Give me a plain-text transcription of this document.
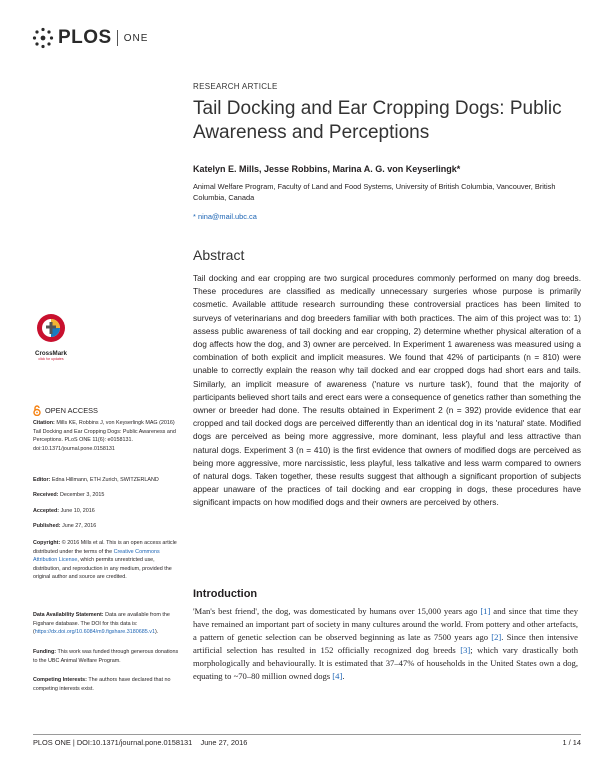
PLOS ONE
RESEARCH ARTICLE
Tail Docking and Ear Cropping Dogs: Public Awareness and Perceptions
Katelyn E. Mills, Jesse Robbins, Marina A. G. von Keyserlingk*
Animal Welfare Program, Faculty of Land and Food Systems, University of British Columbia, Vancouver, British Columbia, Canada
* nina@mail.ubc.ca
Abstract

Tail docking and ear cropping are two surgical procedures commonly performed on many dog breeds. These procedures are classified as medically unnecessary surgeries whose purpose is primarily cosmetic. Available attitude research surrounding these controversial practices has been limited to surveys of veterinarians and dog breeders familiar with both practices. The aim of this project was to: 1) assess public awareness of tail docking and ear cropping, 2) determine whether physical alteration of a dog affects how the dog, and 3) owner are perceived. In Experiment 1 awareness was measured using a combination of both explicit and implicit measures. We found that 42% of participants (n = 810) were unable to correctly explain the reason why tail docked and ear cropped dogs had short ears and tails. Similarly, an implicit measure of awareness ('nature vs nurture task'), found that the majority of participants believed short tails and erect ears were a consequence of genetics rather than something the owner or breeder had done. The results obtained in Experiment 2 (n = 392) provide evidence that ear cropped and tail docked dogs are perceived differently than an identical dog in its 'natural' state. Modified dogs are perceived as being more aggressive, more dominant, less playful and less attractive than natural dogs. Experiment 3 (n = 410) is the first evidence that owners of modified dogs are perceived as being more aggressive, more narcissistic, less playful, less talkative and less warm compared to owners of natural dogs. Taken together, these results suggest that although a significant proportion of subjects appear unaware of the practices of tail docking and ear cropping in dogs, these procedures have significant impacts on how modified dogs and their owners are perceived by others.

Introduction

'Man's best friend', the dog, was domesticated by humans over 15,000 years ago [1] and since that time they have remained an important part of society in many cultures around the world. From pottery and other artefacts, a pattern of genetic selection can be observed beginning as late as 7500 years ago [2]. Since then intensive artificial selection has resulted in 152 officially recognized dog breeds [3]; which vary drastically both morphologically and behaviourally. It is estimated that 37–47% of households in the United States own a dog, equating to ~70–80 million owned dogs [4].

CrossMark
click for updates
OPEN ACCESS
Citation: Mills KE, Robbins J, von Keyserlingk MAG (2016) Tail Docking and Ear Cropping Dogs: Public Awareness and Perceptions. PLoS ONE 11(6): e0158131. doi:10.1371/journal.pone.0158131
Editor: Edna Hillmann, ETH Zurich, SWITZERLAND
Received: December 3, 2015
Accepted: June 10, 2016
Published: June 27, 2016
Copyright: © 2016 Mills et al. This is an open access article distributed under the terms of the Creative Commons Attribution License, which permits unrestricted use, distribution, and reproduction in any medium, provided the original author and source are credited.
Data Availability Statement: Data are available from the Figshare database. The DOI for this data is: (https://dx.doi.org/10.6084/m9.figshare.3180685.v1).
Funding: This work was funded through generous donations to the UBC Animal Welfare Program.
Competing Interests: The authors have declared that no competing interests exist.
PLOS ONE | DOI:10.1371/journal.pone.0158131    June 27, 2016	1 / 14
